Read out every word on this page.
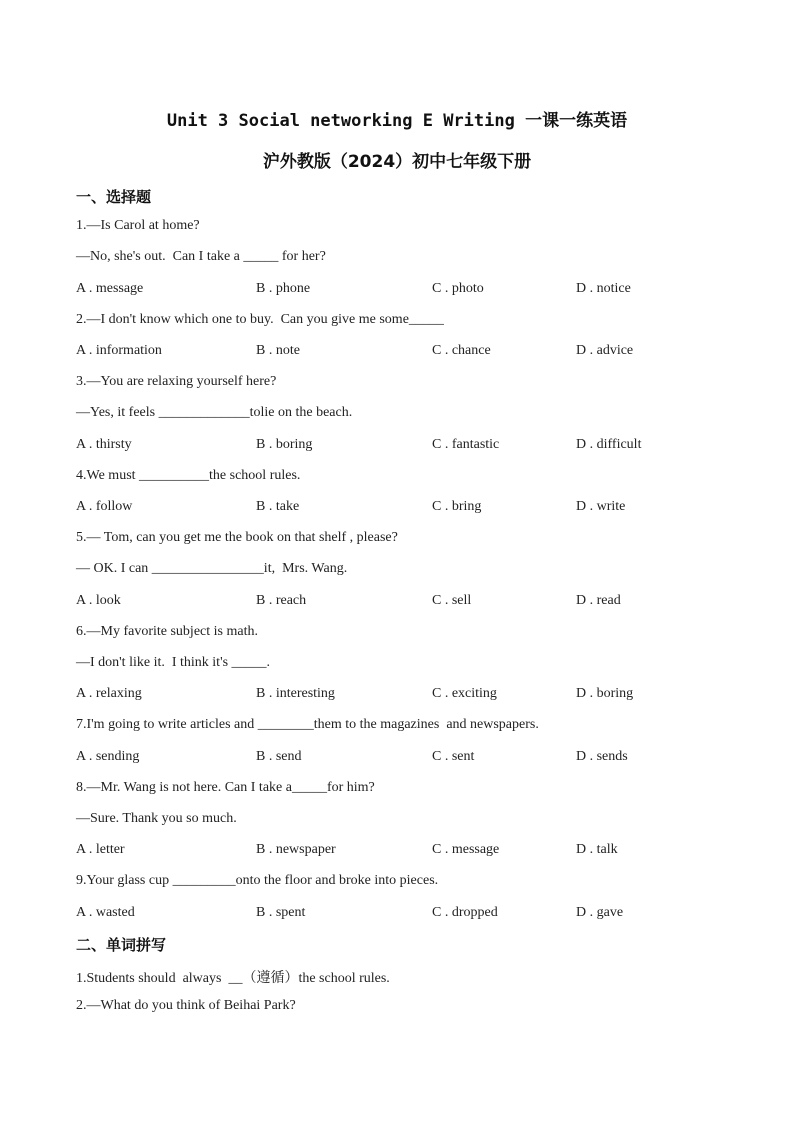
Unit 3 Social networking E Writing 一课一练英语
沪外教版（2024）初中七年级下册
一、选择题
1.—Is Carol at home?
—No, she's out.  Can I take a _____ for her?
A . message	B . phone	C . photo	D . notice
2.—I don't know which one to buy.  Can you give me some_____
A . information	B . note	C . chance	D . advice
3.—You are relaxing yourself here?
—Yes, it feels _____________tolie on the beach.
A . thirsty	B . boring	C . fantastic	D . difficult
4.We must __________the school rules.
A . follow	B . take	C . bring	D . write
5.— Tom, can you get me the book on that shelf , please?
— OK. I can ________________it,  Mrs. Wang.
A . look	B . reach	C . sell	D . read
6.—My favorite subject is math.
—I don't like it.  I think it's _____.
A . relaxing	B . interesting	C . exciting	D . boring
7.I'm going to write articles and ________them to the magazines  and newspapers.
A . sending	B . send	C . sent	D . sends
8.—Mr. Wang is not here. Can I take a_____for him?
—Sure. Thank you so much.
A . letter	B . newspaper	C . message	D . talk
9.Your glass cup _________onto the floor and broke into pieces.
A . wasted	B . spent	C . dropped	D . gave
二、单词拼写
1.Students should  always  __（遵循）the school rules.
2.—What do you think of Beihai Park?
